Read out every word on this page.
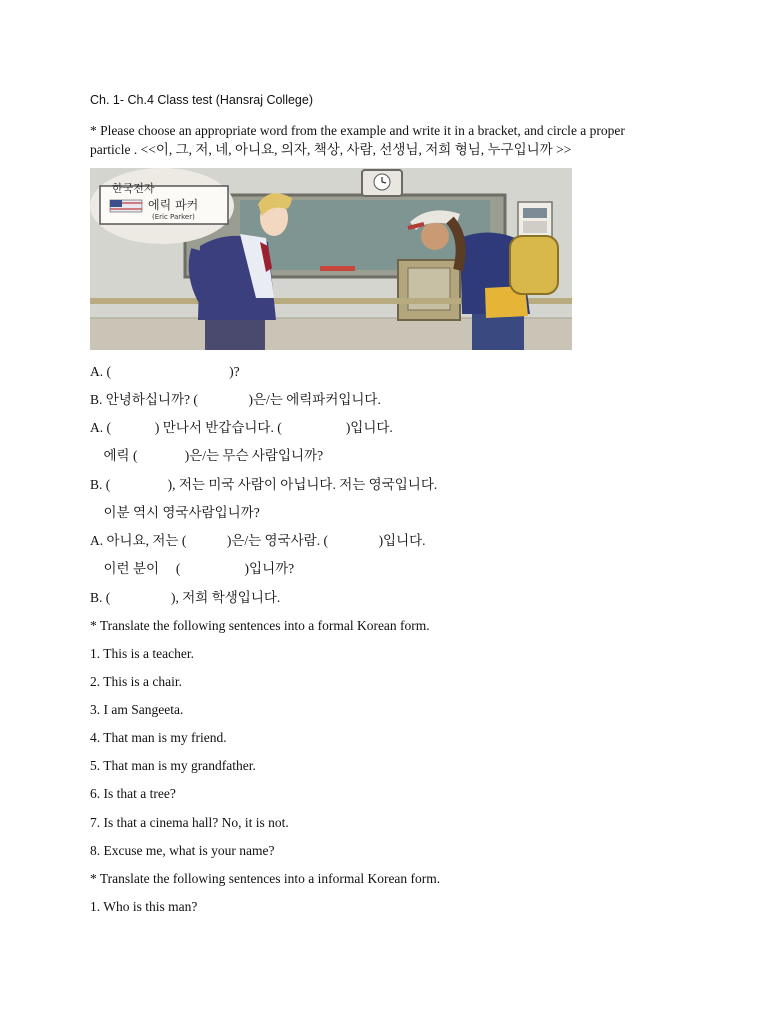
Ch. 1- Ch.4 Class test (Hansraj College)
* Please choose an appropriate word from the example and write it in a bracket, and circle a proper particle . <<이, 그, 저, 네, 아니요, 의자, 책상, 사람, 선생님, 저희 형님, 누구입니까 >>
한국전자
에릭 파커
(Eric Parker)
A. (                                   )?
B. 안녕하십니까? (               )은/는 에릭파커입니다.
A. (             ) 만나서 반갑습니다. (                   )입니다.
에릭 (              )은/는 무슨 사람입니까?
B. (                 ), 저는 미국 사람이 아닙니다. 저는 영국입니다.
이분 역시 영국사람입니까?
A. 아니요, 저는 (            )은/는 영국사람. (               )입니다.
이런 분이     (                   )입니까?
B. (                  ), 저희 학생입니다.
* Translate the following sentences into a formal Korean form.
1. This is a teacher.
2. This is a chair.
3. I am Sangeeta.
4. That man is my friend.
5. That man is my grandfather.
6. Is that a tree?
7. Is that a cinema hall? No, it is not.
8. Excuse me, what is your name?
* Translate the following sentences into a informal Korean form.
1. Who is this man?
